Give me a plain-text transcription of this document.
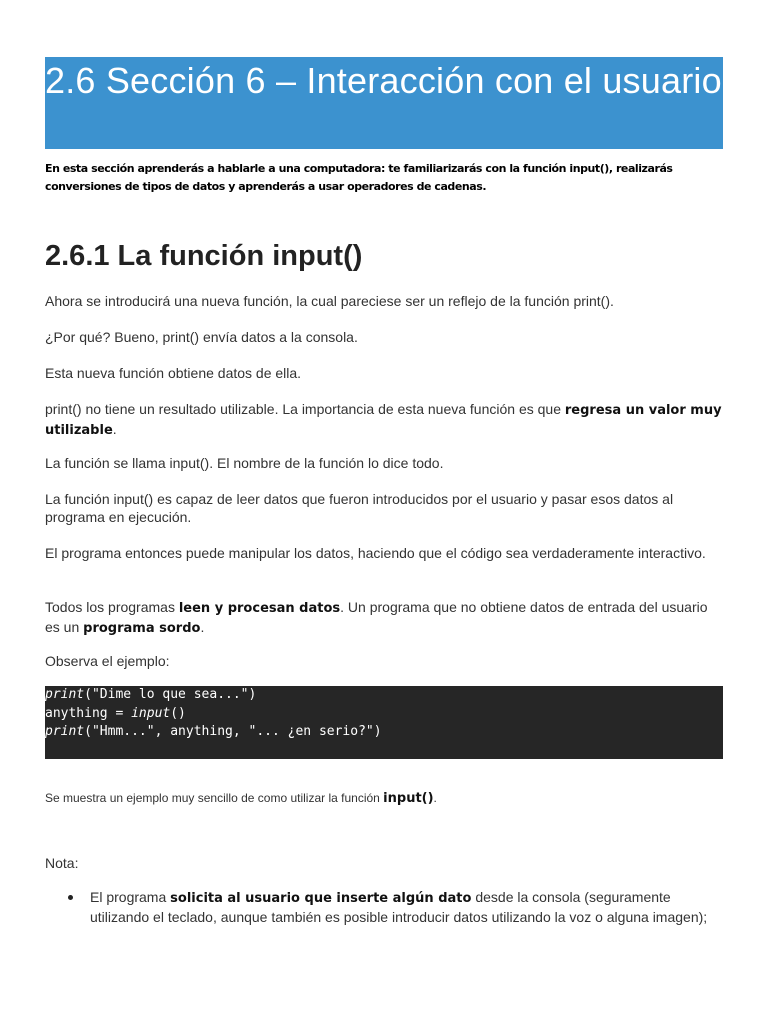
2.6 Sección 6 – Interacción con el usuario
En esta sección aprenderás a hablarle a una computadora: te familiarizarás con la función input(), realizarás conversiones de tipos de datos y aprenderás a usar operadores de cadenas.
2.6.1 La función input()

Ahora se introducirá una nueva función, la cual pareciese ser un reflejo de la función print().

¿Por qué? Bueno, print() envía datos a la consola.

Esta nueva función obtiene datos de ella.

print() no tiene un resultado utilizable. La importancia de esta nueva función es que regresa un valor muy utilizable.

La función se llama input(). El nombre de la función lo dice todo.

La función input() es capaz de leer datos que fueron introducidos por el usuario y pasar esos datos al programa en ejecución.

El programa entonces puede manipular los datos, haciendo que el código sea verdaderamente interactivo.

Todos los programas leen y procesan datos. Un programa que no obtiene datos de entrada del usuario es un programa sordo.

Observa el ejemplo:

print("Dime lo que sea...")
anything = input()
print("Hmm...", anything, "... ¿en serio?")

Se muestra un ejemplo muy sencillo de como utilizar la función input().

Nota:

El programa solicita al usuario que inserte algún dato desde la consola (seguramente utilizando el teclado, aunque también es posible introducir datos utilizando la voz o alguna imagen);
